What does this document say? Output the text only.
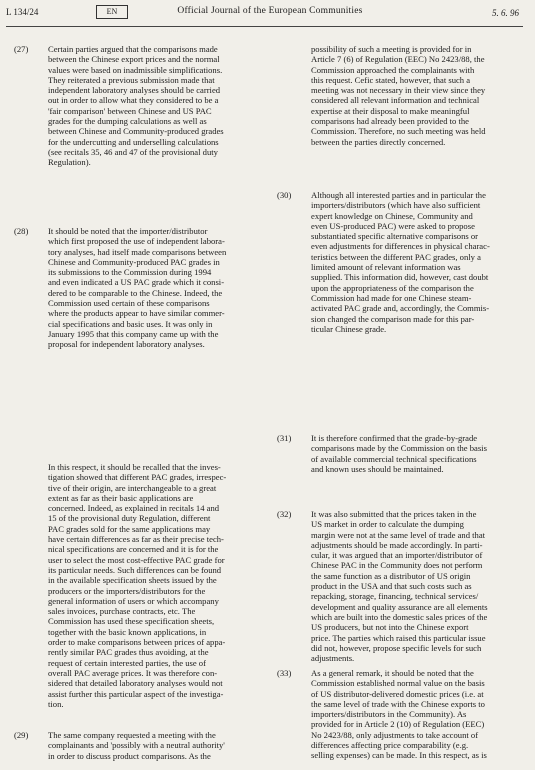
L 134/24	EN	Official Journal of the European Communities	5. 6. 96
(27) Certain parties argued that the comparisons made
between the Chinese export prices and the normal
values were based on inadmissible simplifications.
They reiterated a previous submission made that
independent laboratory analyses should be carried
out in order to allow what they considered to be a
'fair comparison' between Chinese and US PAC
grades for the dumping calculations as well as
between Chinese and Community-produced grades
for the undercutting and underselling calculations
(see recitals 35, 46 and 47 of the provisional duty
Regulation).
(28) It should be noted that the importer/distributor
which first proposed the use of independent labora-
tory analyses, had itself made comparisons between
Chinese and Community-produced PAC grades in
its submissions to the Commission during 1994
and even indicated a US PAC grade which it consi-
dered to be comparable to the Chinese. Indeed, the
Commission used certain of these comparisons
where the products appear to have similar commer-
cial specifications and basic uses. It was only in
January 1995 that this company came up with the
proposal for independent laboratory analyses.
In this respect, it should be recalled that the inves-
tigation showed that different PAC grades, irrespec-
tive of their origin, are interchangeable to a great
extent as far as their basic applications are
concerned. Indeed, as explained in recitals 14 and
15 of the provisional duty Regulation, different
PAC grades sold for the same applications may
have certain differences as far as their precise tech-
nical specifications are concerned and it is for the
user to select the most cost-effective PAC grade for
its particular needs. Such differences can be found
in the available specification sheets issued by the
producers or the importers/distributors for the
general information of users or which accompany
sales invoices, purchase contracts, etc. The
Commission has used these specification sheets,
together with the basic known applications, in
order to make comparisons between prices of appa-
rently similar PAC grades thus avoiding, at the
request of certain interested parties, the use of
overall PAC average prices. It was therefore con-
sidered that detailed laboratory analyses would not
assist further this particular aspect of the investiga-
tion.
(29) The same company requested a meeting with the
complainants and 'possibly with a neutral authority'
in order to discuss product comparisons. As the
possibility of such a meeting is provided for in
Article 7 (6) of Regulation (EEC) No 2423/88, the
Commission approached the complainants with
this request. Cefic stated, however, that such a
meeting was not necessary in their view since they
considered all relevant information and technical
expertise at their disposal to make meaningful
comparisons had already been provided to the
Commission. Therefore, no such meeting was held
between the parties directly concerned.
(30) Although all interested parties and in particular the
importers/distributors (which have also sufficient
expert knowledge on Chinese, Community and
even US-produced PAC) were asked to propose
substantiated specific alternative comparisons or
even adjustments for differences in physical charac-
teristics between the different PAC grades, only a
limited amount of relevant information was
supplied. This information did, however, cast doubt
upon the appropriateness of the comparison the
Commission had made for one Chinese steam-
activated PAC grade and, accordingly, the Commis-
sion changed the comparison made for this par-
ticular Chinese grade.
(31) It is therefore confirmed that the grade-by-grade
comparisons made by the Commission on the basis
of available commercial technical specifications
and known uses should be maintained.
(32) It was also submitted that the prices taken in the
US market in order to calculate the dumping
margin were not at the same level of trade and that
adjustments should be made accordingly. In parti-
cular, it was argued that an importer/distributor of
Chinese PAC in the Community does not perform
the same function as a distributor of US origin
product in the USA and that such costs such as
repacking, storage, financing, technical services/
development and quality assurance are all elements
which are built into the domestic sales prices of the
US producers, but not into the Chinese export
price. The parties which raised this particular issue
did not, however, propose specific levels for such
adjustments.
(33) As a general remark, it should be noted that the
Commission established normal value on the basis
of US distributor-delivered domestic prices (i.e. at
the same level of trade with the Chinese exports to
importers/distributors in the Community). As
provided for in Article 2 (10) of Regulation (EEC)
No 2423/88, only adjustments to take account of
differences affecting price comparability (e.g.
selling expenses) can be made. In this respect, as is
